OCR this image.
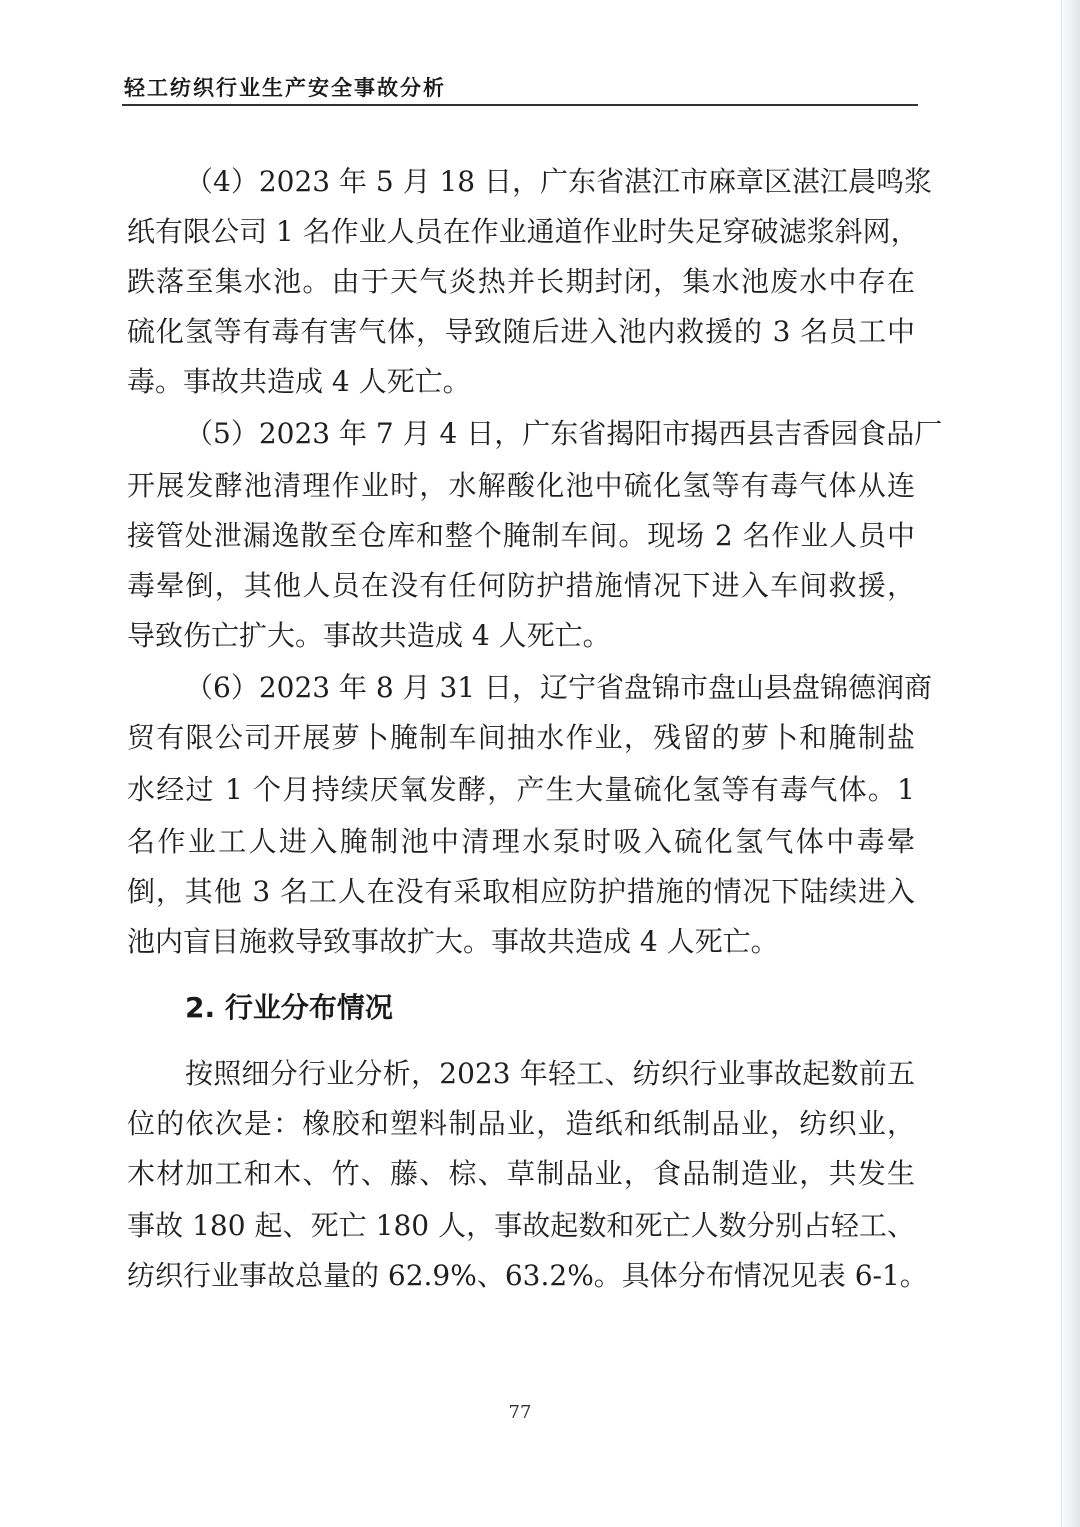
轻工纺织行业生产安全事故分析
（4）2023 年 5 月 18 日，广东省湛江市麻章区湛江晨鸣浆
纸有限公司 1 名作业人员在作业通道作业时失足穿破滤浆斜网，
跌落至集水池。由于天气炎热并长期封闭，集水池废水中存在
硫化氢等有毒有害气体，导致随后进入池内救援的 3 名员工中
毒。事故共造成 4 人死亡。
（5）2023 年 7 月 4 日，广东省揭阳市揭西县吉香园食品厂
开展发酵池清理作业时，水解酸化池中硫化氢等有毒气体从连
接管处泄漏逸散至仓库和整个腌制车间。现场 2 名作业人员中
毒晕倒，其他人员在没有任何防护措施情况下进入车间救援，
导致伤亡扩大。事故共造成 4 人死亡。
（6）2023 年 8 月 31 日，辽宁省盘锦市盘山县盘锦德润商
贸有限公司开展萝卜腌制车间抽水作业，残留的萝卜和腌制盐
水经过 1 个月持续厌氧发酵，产生大量硫化氢等有毒气体。1
名作业工人进入腌制池中清理水泵时吸入硫化氢气体中毒晕
倒，其他 3 名工人在没有采取相应防护措施的情况下陆续进入
池内盲目施救导致事故扩大。事故共造成 4 人死亡。
2. 行业分布情况
按照细分行业分析，2023 年轻工、纺织行业事故起数前五
位的依次是：橡胶和塑料制品业，造纸和纸制品业，纺织业，
木材加工和木、竹、藤、棕、草制品业，食品制造业，共发生
事故 180 起、死亡 180 人，事故起数和死亡人数分别占轻工、
纺织行业事故总量的 62.9%、63.2%。具体分布情况见表 6-1。
77
